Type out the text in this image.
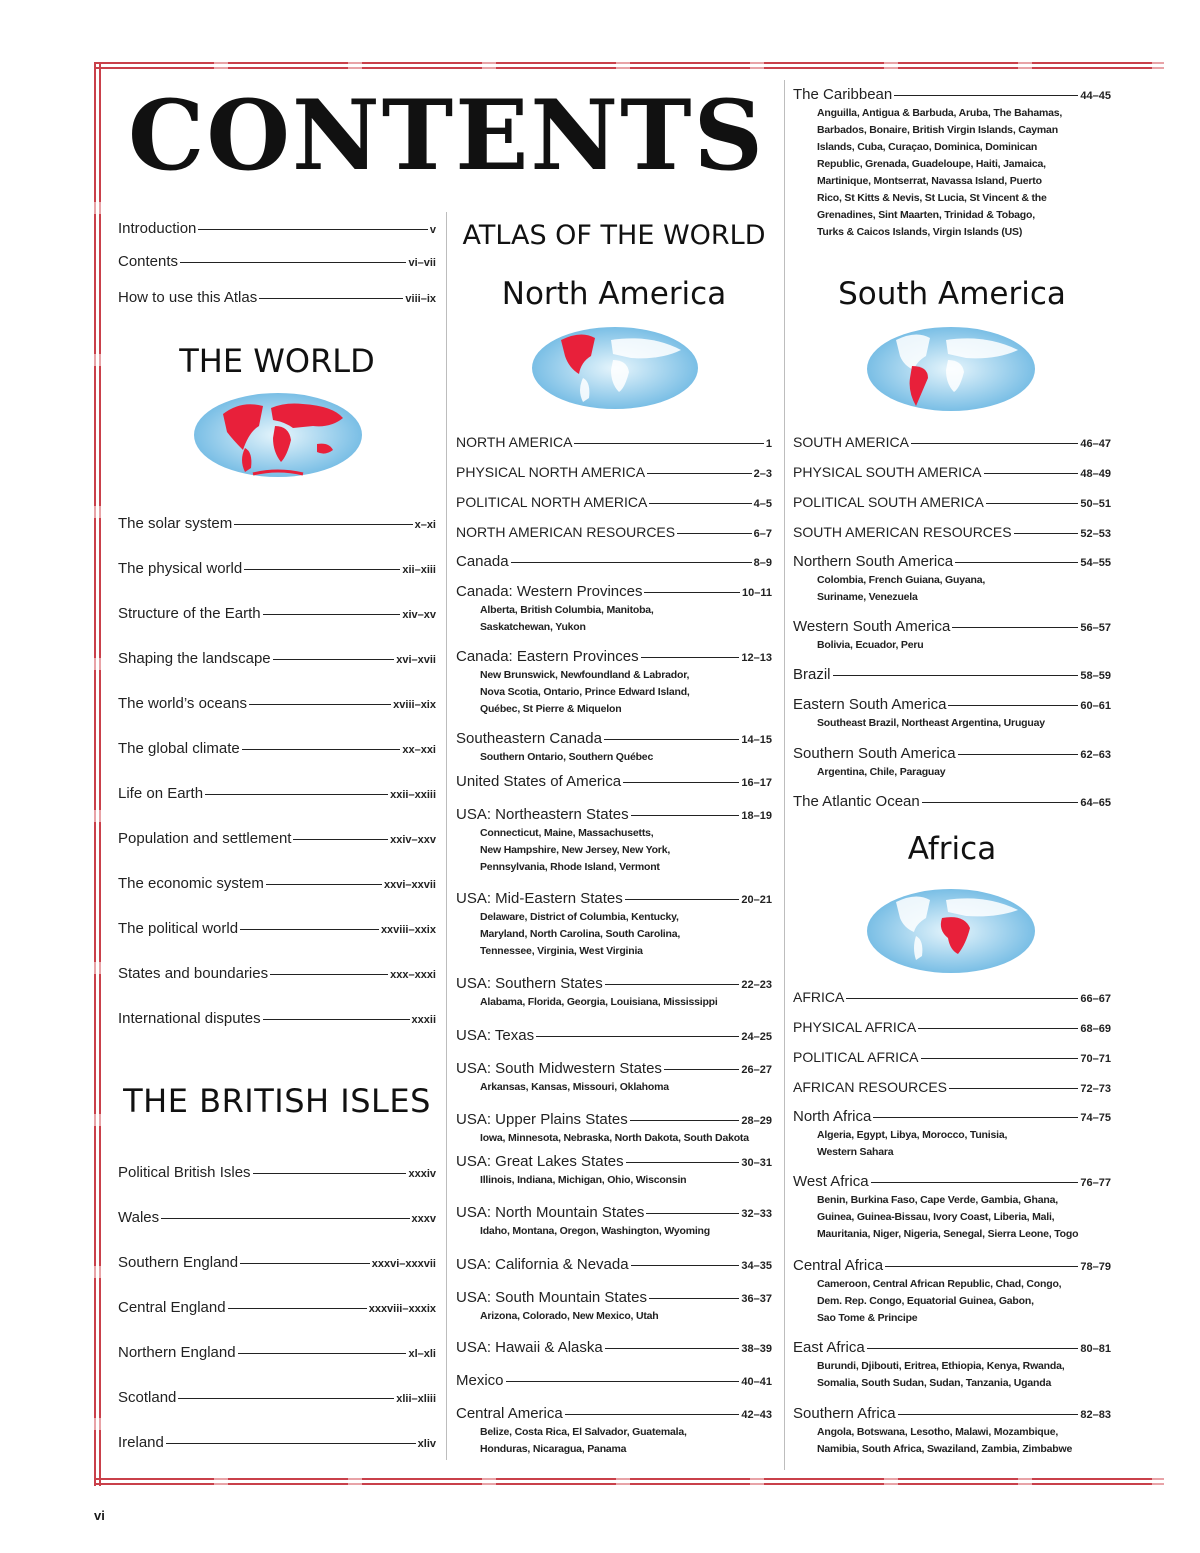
CONTENTS
THE WORLD
THE BRITISH ISLES
Introduction	v
Contents	vi–vii
How to use this Atlas	viii–ix
The solar system	x–xi
The physical world	xii–xiii
Structure of the Earth	xiv–xv
Shaping the landscape	xvi–xvii
The world’s oceans	xviii–xix
The global climate	xx–xxi
Life on Earth	xxii–xxiii
Population and settlement	xxiv–xxv
The economic system	xxvi–xxvii
The political world	xxviii–xxix
States and boundaries	xxx–xxxi
International disputes	xxxii
Political British Isles	xxxiv
Wales	xxxv
Southern England	xxxvi–xxxvii
Central England	xxxviii–xxxix
Northern England	xl–xli
Scotland	xlii–xliii
Ireland	xliv
ATLAS OF THE WORLD
North America
NORTH AMERICA	1
PHYSICAL NORTH AMERICA	2–3
POLITICAL NORTH AMERICA	4–5
NORTH AMERICAN RESOURCES	6–7
Canada	8–9
Canada: Western Provinces	10–11
Alberta, British Columbia, Manitoba,
Saskatchewan, Yukon
Canada: Eastern Provinces	12–13
New Brunswick, Newfoundland & Labrador,
Nova Scotia, Ontario, Prince Edward Island,
Québec, St Pierre & Miquelon
Southeastern Canada	14–15
Southern Ontario, Southern Québec
United States of America	16–17
USA: Northeastern States	18–19
Connecticut, Maine, Massachusetts,
New Hampshire, New Jersey, New York,
Pennsylvania, Rhode Island, Vermont
USA: Mid-Eastern States	20–21
Delaware, District of Columbia, Kentucky,
Maryland, North Carolina, South Carolina,
Tennessee, Virginia, West Virginia
USA: Southern States	22–23
Alabama, Florida, Georgia, Louisiana, Mississippi
USA: Texas	24–25
USA: South Midwestern States	26–27
Arkansas, Kansas, Missouri, Oklahoma
USA: Upper Plains States	28–29
Iowa, Minnesota, Nebraska, North Dakota, South Dakota
USA: Great Lakes States	30–31
Illinois, Indiana, Michigan, Ohio, Wisconsin
USA: North Mountain States	32–33
Idaho, Montana, Oregon, Washington, Wyoming
USA: California & Nevada	34–35
USA: South Mountain States	36–37
Arizona, Colorado, New Mexico, Utah
USA: Hawaii & Alaska	38–39
Mexico	40–41
Central America	42–43
Belize, Costa Rica, El Salvador, Guatemala,
Honduras, Nicaragua, Panama
South America
Africa
SOUTH AMERICA	46–47
PHYSICAL SOUTH AMERICA	48–49
POLITICAL SOUTH AMERICA	50–51
SOUTH AMERICAN RESOURCES	52–53
Northern South America	54–55
Colombia, French Guiana, Guyana,
Suriname, Venezuela
Western South America	56–57
Bolivia, Ecuador, Peru
Brazil	58–59
Eastern South America	60–61
Southeast Brazil, Northeast Argentina, Uruguay
Southern South America	62–63
Argentina, Chile, Paraguay
The Atlantic Ocean	64–65
AFRICA	66–67
PHYSICAL AFRICA	68–69
POLITICAL AFRICA	70–71
AFRICAN RESOURCES	72–73
North Africa	74–75
Algeria, Egypt, Libya, Morocco, Tunisia,
Western Sahara
West Africa	76–77
Benin, Burkina Faso, Cape Verde, Gambia, Ghana,
Guinea, Guinea-Bissau, Ivory Coast, Liberia, Mali,
Mauritania, Niger, Nigeria, Senegal, Sierra Leone, Togo
Central Africa	78–79
Cameroon, Central African Republic, Chad, Congo,
Dem. Rep. Congo, Equatorial Guinea, Gabon,
Sao Tome & Principe
East Africa	80–81
Burundi, Djibouti, Eritrea, Ethiopia, Kenya, Rwanda,
Somalia, South Sudan, Sudan, Tanzania, Uganda
Southern Africa	82–83
Angola, Botswana, Lesotho, Malawi, Mozambique,
Namibia, South Africa, Swaziland, Zambia, Zimbabwe
The Caribbean	44–45
Anguilla, Antigua & Barbuda, Aruba, The Bahamas,
Barbados, Bonaire, British Virgin Islands, Cayman
Islands, Cuba, Curaçao, Dominica, Dominican
Republic, Grenada, Guadeloupe, Haiti, Jamaica,
Martinique, Montserrat, Navassa Island, Puerto
Rico, St Kitts & Nevis, St Lucia, St Vincent & the
Grenadines, Sint Maarten, Trinidad & Tobago,
Turks & Caicos Islands, Virgin Islands (US)
vi
